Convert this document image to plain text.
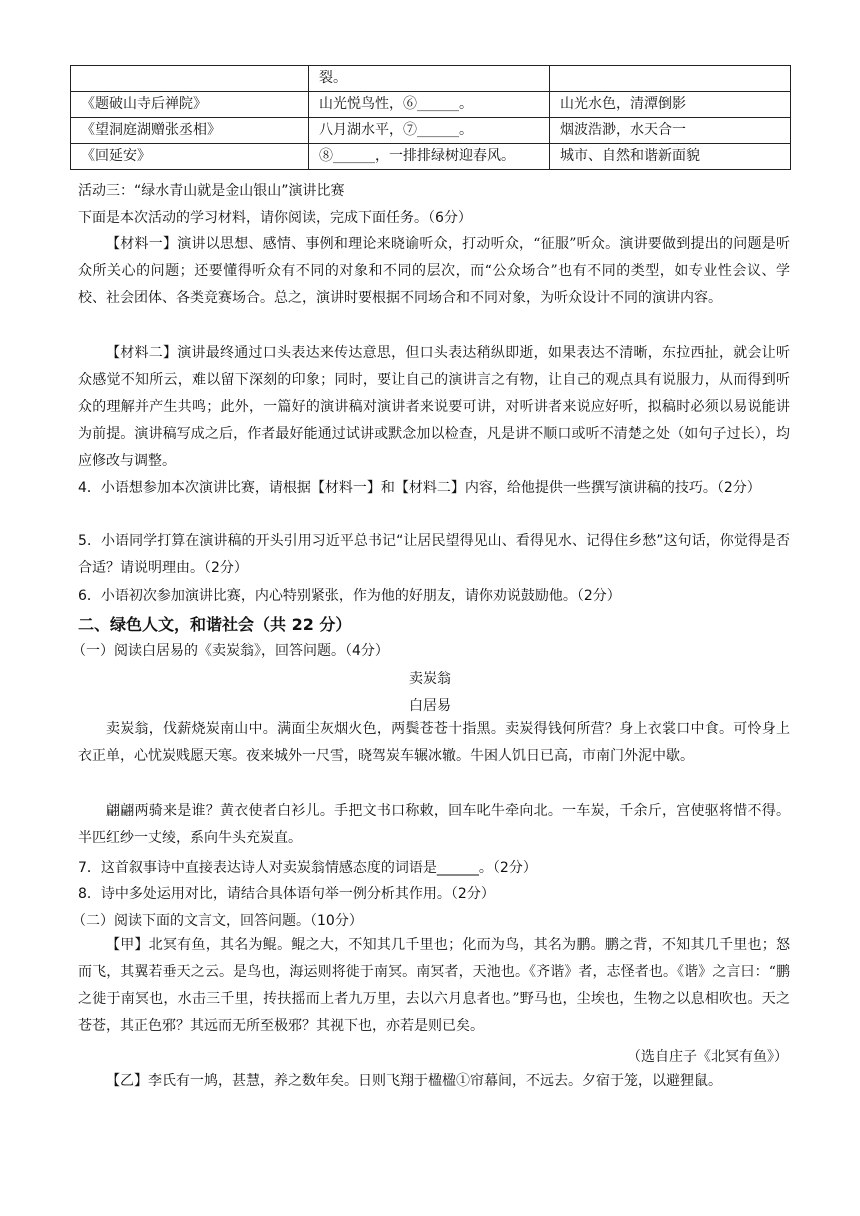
	裂。	
《题破山寺后禅院》	山光悦鸟性，⑥______。	山光水色，清潭倒影
《望洞庭湖赠张丞相》	八月湖水平，⑦______。	烟波浩渺，水天合一
《回延安》	⑧______，一排排绿树迎春风。	城市、自然和谐新面貌
活动三：“绿水青山就是金山银山”演讲比赛
下面是本次活动的学习材料，请你阅读，完成下面任务。（6分）
【材料一】演讲以思想、感情、事例和理论来晓谕听众，打动听众，“征服”听众。演讲要做到提出的问题是听众所关心的问题；还要懂得听众有不同的对象和不同的层次，而“公众场合”也有不同的类型，如专业性会议、学校、社会团体、各类竞赛场合。总之，演讲时要根据不同场合和不同对象，为听众设计不同的演讲内容。
【材料二】演讲最终通过口头表达来传达意思，但口头表达稍纵即逝，如果表达不清晰，东拉西扯，就会让听众感觉不知所云，难以留下深刻的印象；同时，要让自己的演讲言之有物，让自己的观点具有说服力，从而得到听众的理解并产生共鸣；此外，一篇好的演讲稿对演讲者来说要可讲，对听讲者来说应好听，拟稿时必须以易说能讲为前提。演讲稿写成之后，作者最好能通过试讲或默念加以检查，凡是讲不顺口或听不清楚之处（如句子过长），均应修改与调整。
4．小语想参加本次演讲比赛，请根据【材料一】和【材料二】内容，给他提供一些撰写演讲稿的技巧。（2分）
5．小语同学打算在演讲稿的开头引用习近平总书记“让居民望得见山、看得见水、记得住乡愁”这句话，你觉得是否合适？请说明理由。（2分）
6．小语初次参加演讲比赛，内心特别紧张，作为他的好朋友，请你劝说鼓励他。（2分）
二、绿色人文，和谐社会（共 22 分）
（一）阅读白居易的《卖炭翁》，回答问题。（4分）
卖炭翁
白居易
卖炭翁，伐薪烧炭南山中。满面尘灰烟火色，两鬓苍苍十指黑。卖炭得钱何所营？身上衣裳口中食。可怜身上衣正单，心忧炭贱愿天寒。夜来城外一尺雪，晓驾炭车辗冰辙。牛困人饥日已高，市南门外泥中歇。
翩翩两骑来是谁？黄衣使者白衫儿。手把文书口称敕，回车叱牛牵向北。一车炭，千余斤，宫使驱将惜不得。半匹红纱一丈绫，系向牛头充炭直。
7．这首叙事诗中直接表达诗人对卖炭翁情感态度的词语是______。（2分）
8．诗中多处运用对比，请结合具体语句举一例分析其作用。（2分）
（二）阅读下面的文言文，回答问题。（10分）
【甲】北冥有鱼，其名为鲲。鲲之大，不知其几千里也；化而为鸟，其名为鹏。鹏之背，不知其几千里也；怒而飞，其翼若垂天之云。是鸟也，海运则将徙于南冥。南冥者，天池也。《齐谐》者，志怪者也。《谐》之言曰：“鹏之徙于南冥也，水击三千里，抟扶摇而上者九万里，去以六月息者也。”野马也，尘埃也，生物之以息相吹也。天之苍苍，其正色邪？其远而无所至极邪？其视下也，亦若是则已矣。
（选自庄子《北冥有鱼》）
【乙】李氏有一鸠，甚慧，养之数年矣。日则飞翔于楹楹①帘幕间，不远去。夕宿于笼，以避狸鼠。
